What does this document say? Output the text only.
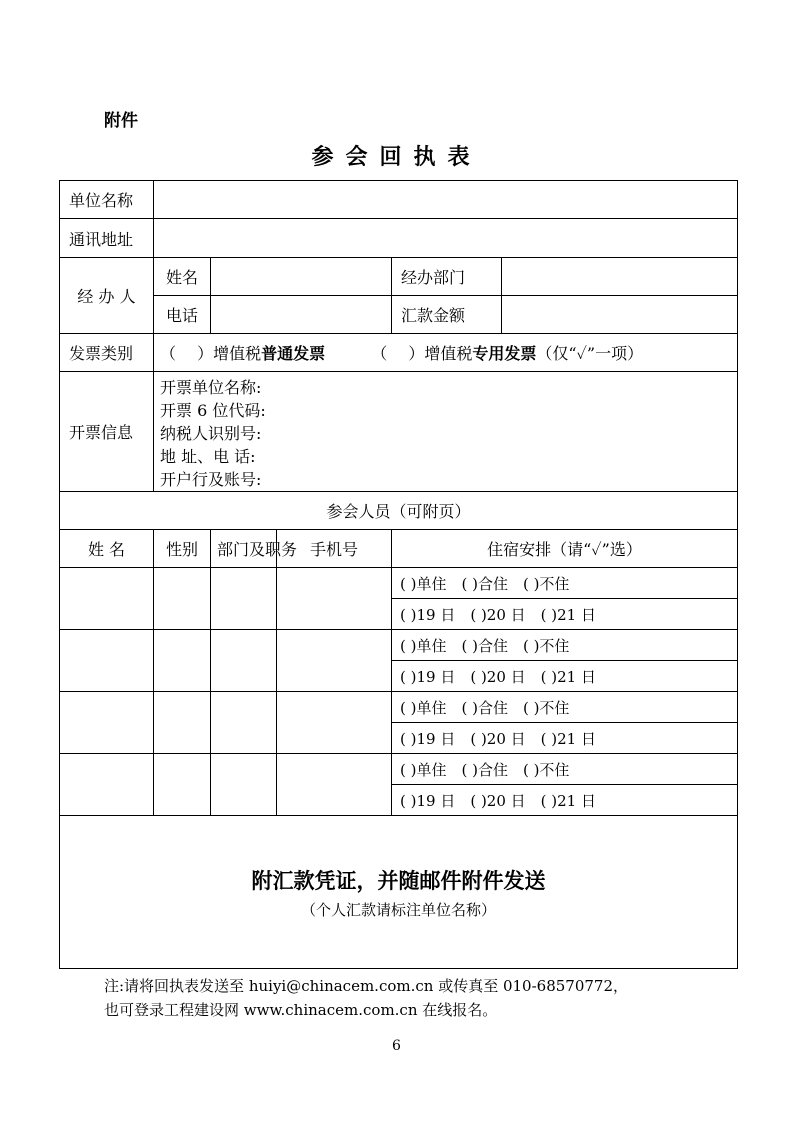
附件
参会回执表
单位名称					
通讯地址					
经 办 人	姓名			经办部门	
	电话			汇款金额	
发票类别	（　 ）增值税普通发票 （　 ）增值税专用发票（仅“✓”一项）				
开票信息	开票单位名称:
开票 6 位代码:
纳税人识别号:
地 址、电 话:
开户行及账号:				

参会人员（可附页）					
姓 名	性别	部门及职务	手机号	住宿安排（请“✓”选）	
				( )单住　( )合住　( )不住	
				( )19 日　( )20 日　( )21 日	
				( )单住　( )合住　( )不住	
				( )19 日　( )20 日　( )21 日	
				( )单住　( )合住　( )不住	
				( )19 日　( )20 日　( )21 日	
				( )单住　( )合住　( )不住	
				( )19 日　( )20 日　( )21 日	

附汇款凭证，并随邮件附件发送
（个人汇款请标注单位名称）					
注:请将回执表发送至 huiyi@chinacem.com.cn 或传真至 010-68570772，
也可登录工程建设网 www.chinacem.com.cn 在线报名。
6
